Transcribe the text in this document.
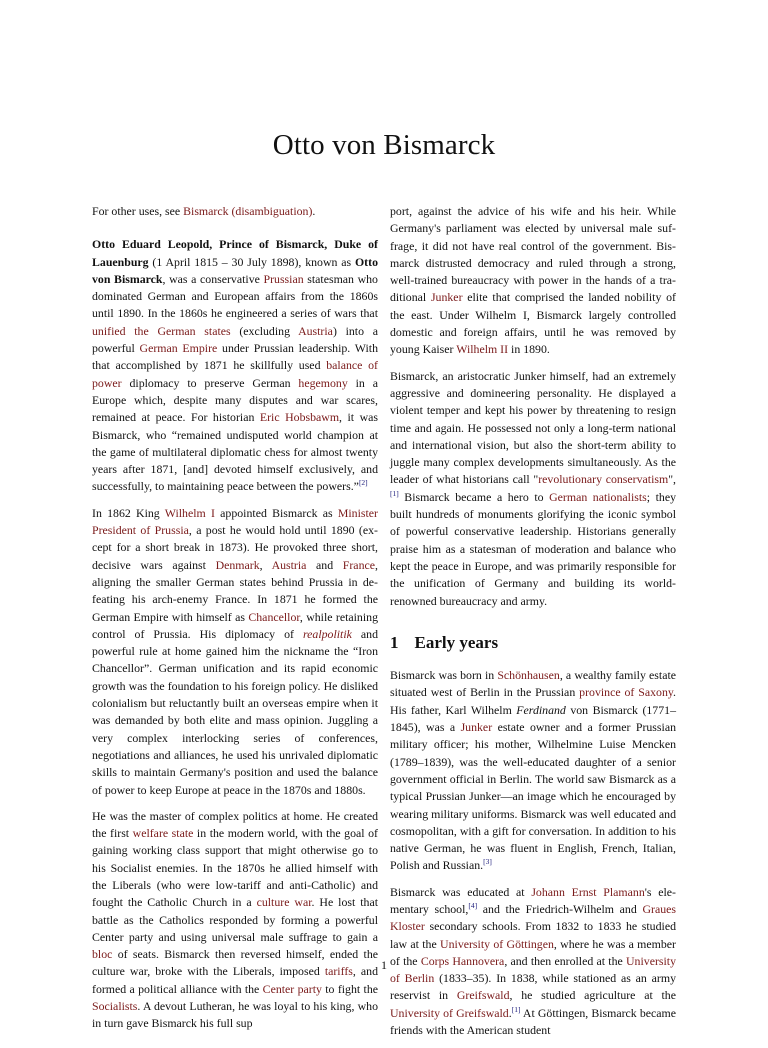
Otto von Bismarck

For other uses, see Bismarck (disambiguation).

Otto Eduard Leopold, Prince of Bismarck, Duke of Lauenburg (1 April 1815 – 30 July 1898), known as Otto von Bismarck, was a conservative Prussian statesman who dominated German and European affairs from the 1860s until 1890. In the 1860s he engineered a series of wars that unified the German states (excluding Austria) into a powerful German Empire under Prussian leadership. With that accomplished by 1871 he skillfully used balance of power diplomacy to preserve German hegemony in a Europe which, despite many disputes and war scares, remained at peace. For historian Eric Hobsbawm, it was Bismarck, who “remained undisputed world champion at the game of multilateral diplomatic chess for almost twenty years after 1871, [and] devoted himself exclusively, and successfully, to maintaining peace between the powers.”[2]

In 1862 King Wilhelm I appointed Bismarck as Minister President of Prussia, a post he would hold until 1890 (except for a short break in 1873). He provoked three short, decisive wars against Denmark, Austria and France, aligning the smaller German states behind Prussia in defeating his arch-enemy France. In 1871 he formed the German Empire with himself as Chancellor, while retaining control of Prussia. His diplomacy of realpolitik and powerful rule at home gained him the nickname the “Iron Chancellor”. German unification and its rapid economic growth was the foundation to his foreign policy. He disliked colonialism but reluctantly built an overseas empire when it was demanded by both elite and mass opinion. Juggling a very complex interlocking series of conferences, negotiations and alliances, he used his unrivaled diplomatic skills to maintain Germany's position and used the balance of power to keep Europe at peace in the 1870s and 1880s.

He was the master of complex politics at home. He created the first welfare state in the modern world, with the goal of gaining working class support that might otherwise go to his Socialist enemies. In the 1870s he allied himself with the Liberals (who were low-tariff and anti-Catholic) and fought the Catholic Church in a culture war. He lost that battle as the Catholics responded by forming a powerful Center party and using universal male suffrage to gain a bloc of seats. Bismarck then reversed himself, ended the culture war, broke with the Liberals, imposed tariffs, and formed a political alliance with the Center party to fight the Socialists. A devout Lutheran, he was loyal to his king, who in turn gave Bismarck his full sup

port, against the advice of his wife and his heir. While Germany's parliament was elected by universal male suffrage, it did not have real control of the government. Bismarck distrusted democracy and ruled through a strong, well-trained bureaucracy with power in the hands of a traditional Junker elite that comprised the landed nobility of the east. Under Wilhelm I, Bismarck largely controlled domestic and foreign affairs, until he was removed by young Kaiser Wilhelm II in 1890.

Bismarck, an aristocratic Junker himself, had an extremely aggressive and domineering personality. He displayed a violent temper and kept his power by threatening to resign time and again. He possessed not only a long-term national and international vision, but also the short-term ability to juggle many complex developments simultaneously. As the leader of what historians call "revolutionary conservatism",[1] Bismarck became a hero to German nationalists; they built hundreds of monuments glorifying the iconic symbol of powerful conservative leadership. Historians generally praise him as a statesman of moderation and balance who kept the peace in Europe, and was primarily responsible for the unification of Germany and building its world-renowned bureaucracy and army.

1 Early years

Bismarck was born in Schönhausen, a wealthy family estate situated west of Berlin in the Prussian province of Saxony. His father, Karl Wilhelm Ferdinand von Bismarck (1771–1845), was a Junker estate owner and a former Prussian military officer; his mother, Wilhelmine Luise Mencken (1789–1839), was the well-educated daughter of a senior government official in Berlin. The world saw Bismarck as a typical Prussian Junker—an image which he encouraged by wearing military uniforms. Bismarck was well educated and cosmopolitan, with a gift for conversation. In addition to his native German, he was fluent in English, French, Italian, Polish and Russian.[3]

Bismarck was educated at Johann Ernst Plamann's elementary school,[4] and the Friedrich-Wilhelm and Graues Kloster secondary schools. From 1832 to 1833 he studied law at the University of Göttingen, where he was a member of the Corps Hannovera, and then enrolled at the University of Berlin (1833–35). In 1838, while stationed as an army reservist in Greifswald, he studied agriculture at the University of Greifswald.[1] At Göttingen, Bismarck became friends with the American student

1
